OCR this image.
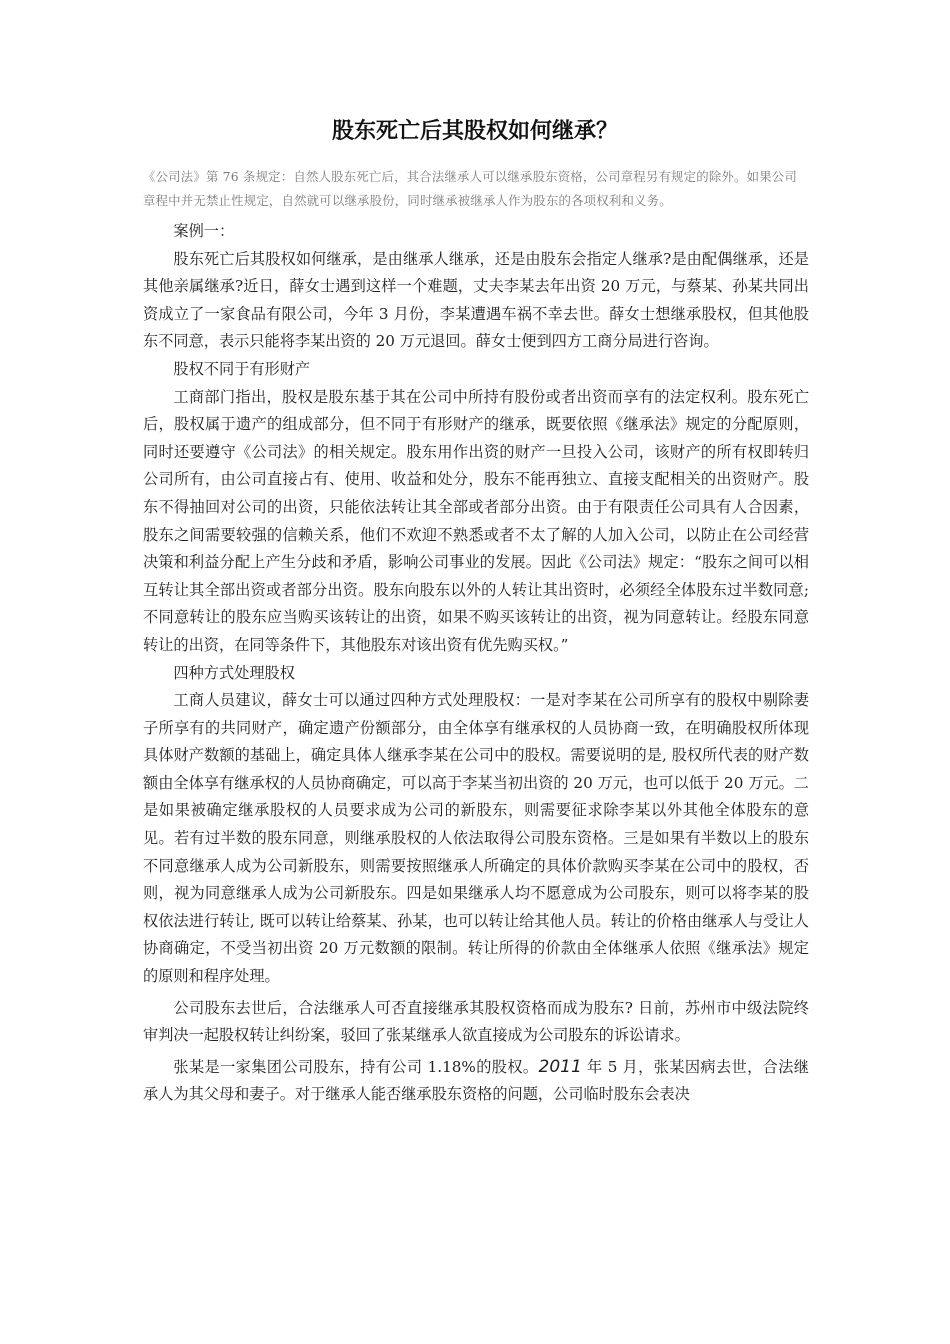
股东死亡后其股权如何继承？
《公司法》第 76 条规定：自然人股东死亡后，其合法继承人可以继承股东资格，公司章程另有规定的除外。如果公司章程中并无禁止性规定，自然就可以继承股份，同时继承被继承人作为股东的各项权利和义务。

案例一：

股东死亡后其股权如何继承，是由继承人继承，还是由股东会指定人继承?是由配偶继承，还是其他亲属继承?近日，薛女士遇到这样一个难题，丈夫李某去年出资 20 万元，与蔡某、孙某共同出资成立了一家食品有限公司，今年 3 月份，李某遭遇车祸不幸去世。薛女士想继承股权，但其他股东不同意，表示只能将李某出资的 20 万元退回。薛女士便到四方工商分局进行咨询。

股权不同于有形财产

工商部门指出，股权是股东基于其在公司中所持有股份或者出资而享有的法定权利。股东死亡后，股权属于遗产的组成部分，但不同于有形财产的继承，既要依照《继承法》规定的分配原则，同时还要遵守《公司法》的相关规定。股东用作出资的财产一旦投入公司，该财产的所有权即转归公司所有，由公司直接占有、使用、收益和处分，股东不能再独立、直接支配相关的出资财产。股东不得抽回对公司的出资，只能依法转让其全部或者部分出资。由于有限责任公司具有人合因素，股东之间需要较强的信赖关系，他们不欢迎不熟悉或者不太了解的人加入公司，以防止在公司经营决策和利益分配上产生分歧和矛盾，影响公司事业的发展。因此《公司法》规定：“股东之间可以相互转让其全部出资或者部分出资。股东向股东以外的人转让其出资时，必须经全体股东过半数同意;不同意转让的股东应当购买该转让的出资，如果不购买该转让的出资，视为同意转让。经股东同意转让的出资，在同等条件下，其他股东对该出资有优先购买权。”

四种方式处理股权

工商人员建议，薛女士可以通过四种方式处理股权：一是对李某在公司所享有的股权中剔除妻子所享有的共同财产，确定遗产份额部分，由全体享有继承权的人员协商一致，在明确股权所体现具体财产数额的基础上，确定具体人继承李某在公司中的股权。需要说明的是, 股权所代表的财产数额由全体享有继承权的人员协商确定，可以高于李某当初出资的 20 万元，也可以低于 20 万元。二是如果被确定继承股权的人员要求成为公司的新股东，则需要征求除李某以外其他全体股东的意见。若有过半数的股东同意，则继承股权的人依法取得公司股东资格。三是如果有半数以上的股东不同意继承人成为公司新股东，则需要按照继承人所确定的具体价款购买李某在公司中的股权，否则，视为同意继承人成为公司新股东。四是如果继承人均不愿意成为公司股东，则可以将李某的股权依法进行转让, 既可以转让给蔡某、孙某，也可以转让给其他人员。转让的价格由继承人与受让人协商确定，不受当初出资 20 万元数额的限制。转让所得的价款由全体继承人依照《继承法》规定的原则和程序处理。

公司股东去世后，合法继承人可否直接继承其股权资格而成为股东? 日前，苏州市中级法院终审判决一起股权转让纠纷案，驳回了张某继承人欲直接成为公司股东的诉讼请求。

张某是一家集团公司股东，持有公司 1.18%的股权。2011 年 5 月，张某因病去世，合法继承人为其父母和妻子。对于继承人能否继承股东资格的问题，公司临时股东会表决
